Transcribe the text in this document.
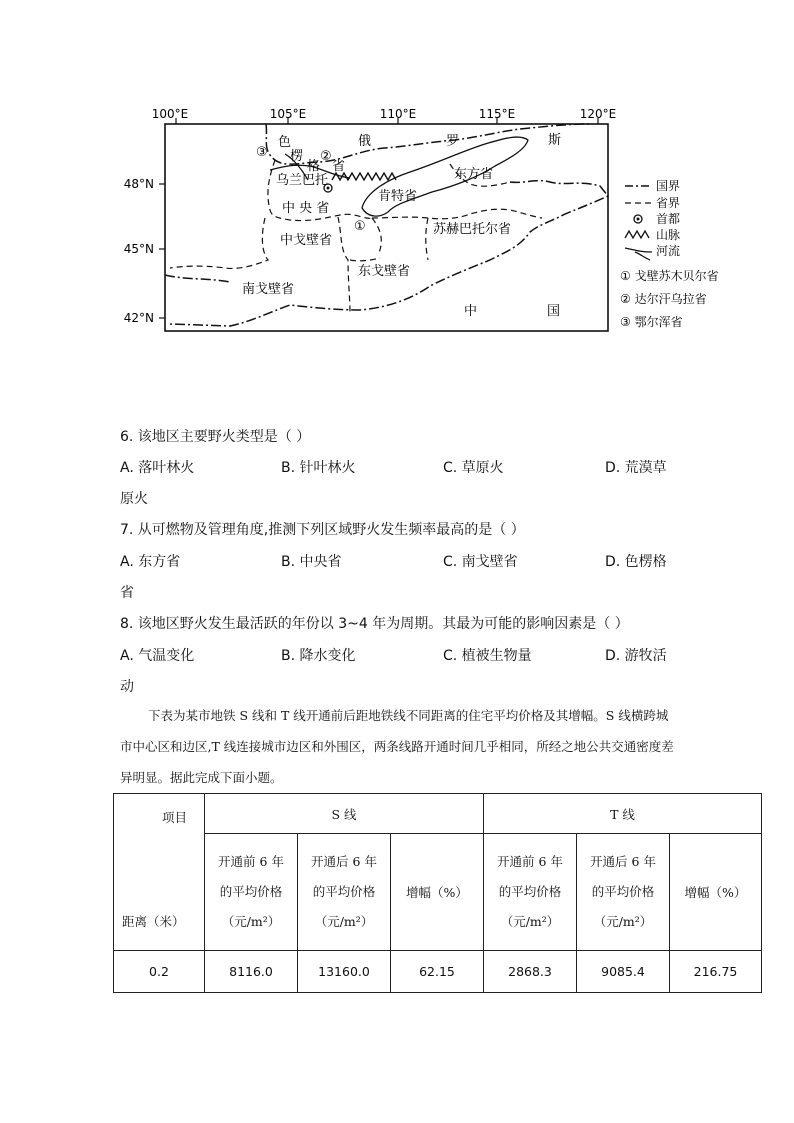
100°E	105°E	110°E	115°E	120°E
48°N
45°N
42°N
俄	罗	斯
色
楞
格 省
乌兰巴托
中 央 省
肯特省
东方省
苏赫巴托尔省
中戈壁省
东戈壁省
南戈壁省
中	国
①
②
③
国界
省界
首都
山脉
河流
① 戈壁苏木贝尔省
② 达尔汗乌拉省
③ 鄂尔浑省
6. 该地区主要野火类型是（ ）
A. 落叶林火	B. 针叶林火	C. 草原火	D. 荒漠草
原火
7. 从可燃物及管理角度,推测下列区域野火发生频率最高的是（ ）
A. 东方省	B. 中央省	C. 南戈壁省	D. 色楞格
省
8. 该地区野火发生最活跃的年份以 3~4 年为周期。其最为可能的影响因素是（ ）
A. 气温变化	B. 降水变化	C. 植被生物量	D. 游牧活
动
下表为某市地铁 S 线和 T 线开通前后距地铁线不同距离的住宅平均价格及其增幅。S 线横跨城市中心区和边区,T 线连接城市边区和外围区，两条线路开通时间几乎相同，所经之地公共交通密度差异明显。据此完成下面小题。
项目
距离（米）	S 线			T 线		

	开通前 6 年
的平均价格
（元/m²）	开通后 6 年
的平均价格
（元/m²）	增幅（%）	开通前 6 年
的平均价格
（元/m²）	开通后 6 年
的平均价格
（元/m²）	增幅（%）
0.2	8116.0	13160.0	62.15	2868.3	9085.4	216.75
